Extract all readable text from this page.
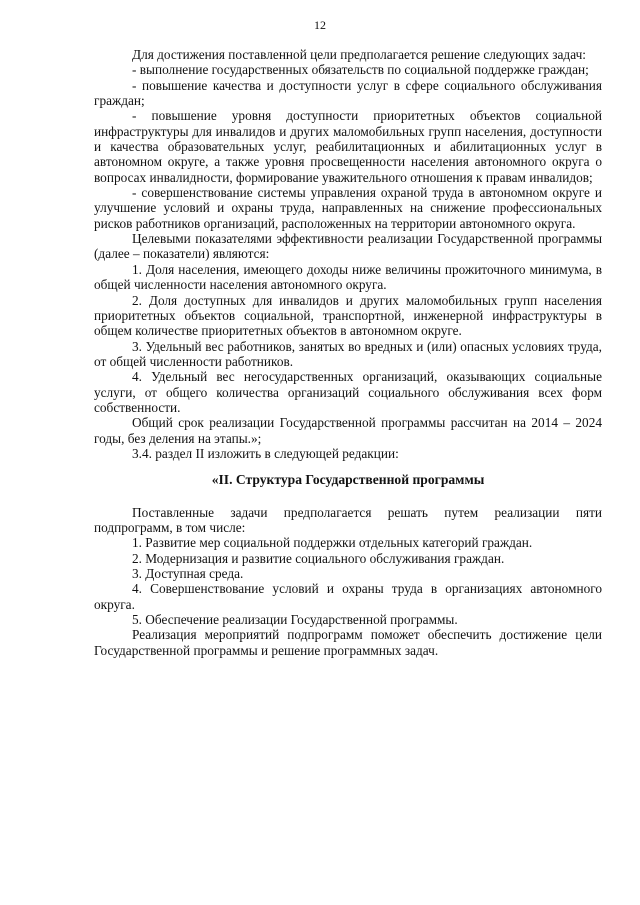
12

Для достижения поставленной цели предполагается решение следующих задач:

- выполнение государственных обязательств по социальной поддержке граждан;

- повышение качества и доступности услуг в сфере социального обслуживания граждан;

- повышение уровня доступности приоритетных объектов социальной инфраструктуры для инвалидов и других маломобильных групп населения, доступности и качества образовательных услуг, реабилитационных и абилитационных услуг в автономном округе, а также уровня просвещенности населения автономного округа о вопросах инвалидности, формирование уважительного отношения к правам инвалидов;

- совершенствование системы управления охраной труда в автономном округе и улучшение условий и охраны труда, направленных на снижение профессиональных рисков работников организаций, расположенных на территории автономного округа.

Целевыми показателями эффективности реализации Государственной программы (далее – показатели) являются:

1. Доля населения, имеющего доходы ниже величины прожиточного минимума, в общей численности населения автономного округа.

2. Доля доступных для инвалидов и других маломобильных групп населения приоритетных объектов социальной, транспортной, инженерной инфраструктуры в общем количестве приоритетных объектов в автономном округе.

3. Удельный вес работников, занятых во вредных и (или) опасных условиях труда, от общей численности работников.

4. Удельный вес негосударственных организаций, оказывающих социальные услуги, от общего количества организаций социального обслуживания всех форм собственности.

Общий срок реализации Государственной программы рассчитан на 2014 – 2024 годы, без деления на этапы.»;

3.4. раздел II изложить в следующей редакции:

«II. Структура Государственной программы

Поставленные задачи предполагается решать путем реализации пяти подпрограмм, в том числе:

1. Развитие мер социальной поддержки отдельных категорий граждан.

2. Модернизация и развитие социального обслуживания граждан.

3. Доступная среда.

4. Совершенствование условий и охраны труда в организациях автономного округа.

5. Обеспечение реализации Государственной программы.

Реализация мероприятий подпрограмм поможет обеспечить достижение цели Государственной программы и решение программных задач.
